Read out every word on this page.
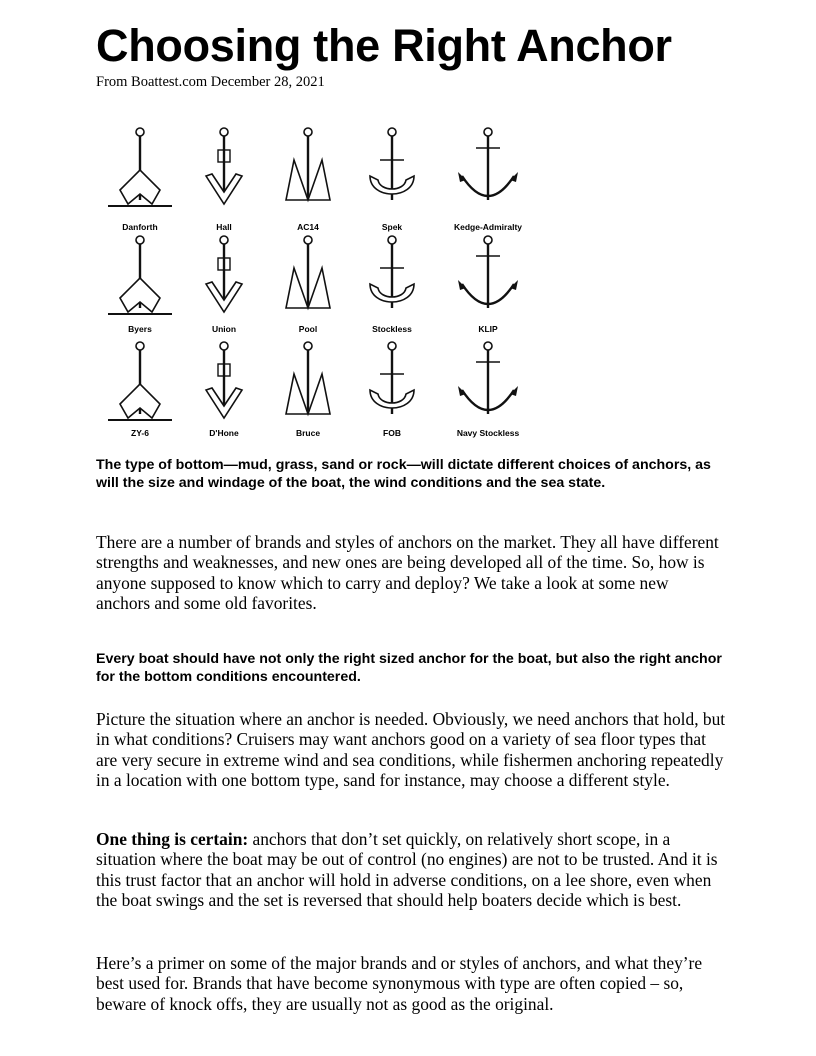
Choosing the Right Anchor

From Boattest.com December 28, 2021

Danforth	Hall	AC14	Spek	Kedge-Admiralty
Byers	Union	Pool	Stockless	KLIP
ZY-6	D'Hone	Bruce	FOB	Navy Stockless

The type of bottom—mud, grass, sand or rock—will dictate different choices of anchors, as will the size and windage of the boat, the wind conditions and the sea state.

There are a number of brands and styles of anchors on the market. They all have different strengths and weaknesses, and new ones are being developed all of the time. So, how is anyone supposed to know which to carry and deploy? We take a look at some new anchors and some old favorites.

Every boat should have not only the right sized anchor for the boat, but also the right anchor for the bottom conditions encountered.

Picture the situation where an anchor is needed. Obviously, we need anchors that hold, but in what conditions? Cruisers may want anchors good on a variety of sea floor types that are very secure in extreme wind and sea conditions, while fishermen anchoring repeatedly in a location with one bottom type, sand for instance, may choose a different style.

One thing is certain: anchors that don’t set quickly, on relatively short scope, in a situation where the boat may be out of control (no engines) are not to be trusted. And it is this trust factor that an anchor will hold in adverse conditions, on a lee shore, even when the boat swings and the set is reversed that should help boaters decide which is best.

Here’s a primer on some of the major brands and or styles of anchors, and what they’re best used for. Brands that have become synonymous with type are often copied – so, beware of knock offs, they are usually not as good as the original.
